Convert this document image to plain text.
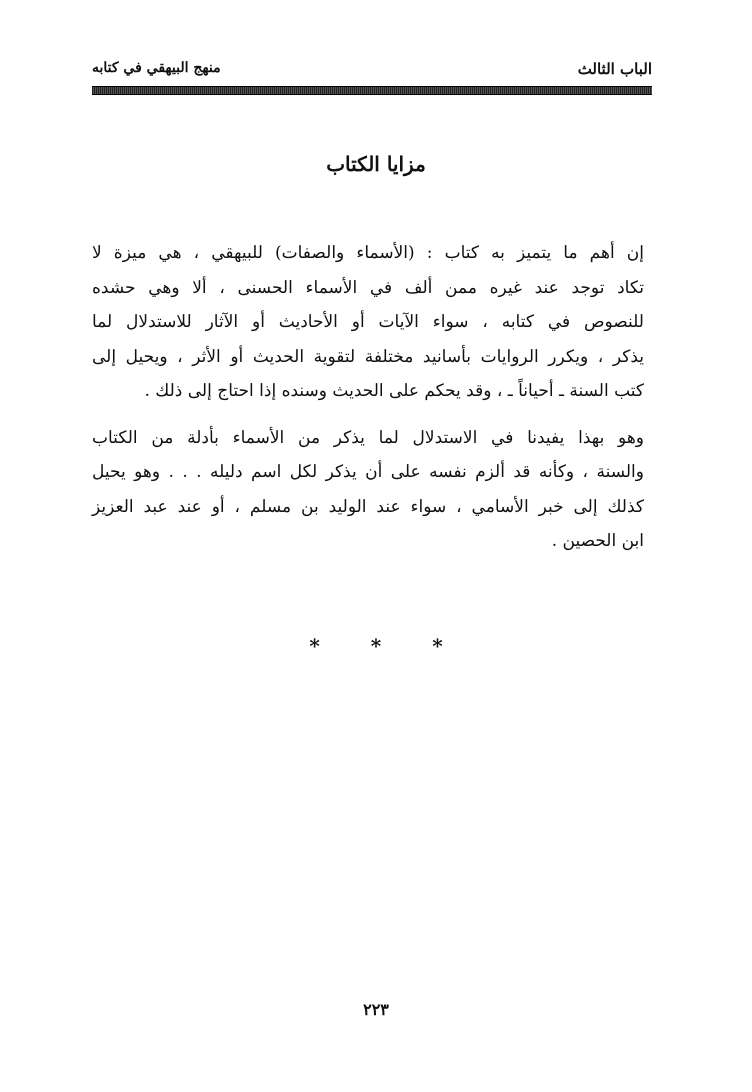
الباب الثالث
منهج البيهقي في كتابه
مزايا الكتاب
إن أهم ما يتميز به كتاب : (الأسماء والصفات) للبيهقي ، هي ميزة لا
تكاد توجد عند غيره ممن ألف في الأسماء الحسنى ، ألا وهي حشده
للنصوص في كتابه ، سواء الآيات أو الأحاديث أو الآثار للاستدلال لما
يذكر ، ويكرر الروايات بأسانيد مختلفة لتقوية الحديث أو الأثر ، ويحيل إلى
كتب السنة ـ أحياناً ـ ، وقد يحكم على الحديث وسنده إذا احتاج إلى ذلك .
وهو بهذا يفيدنا في الاستدلال لما يذكر من الأسماء بأدلة من الكتاب
والسنة ، وكأنه قد ألزم نفسه على أن يذكر لكل اسم دليله . . . وهو يحيل
كذلك إلى خبر الأسامي ، سواء عند الوليد بن مسلم ، أو عند عبد العزيز
ابن الحصين .
* * *
٢٢٣
